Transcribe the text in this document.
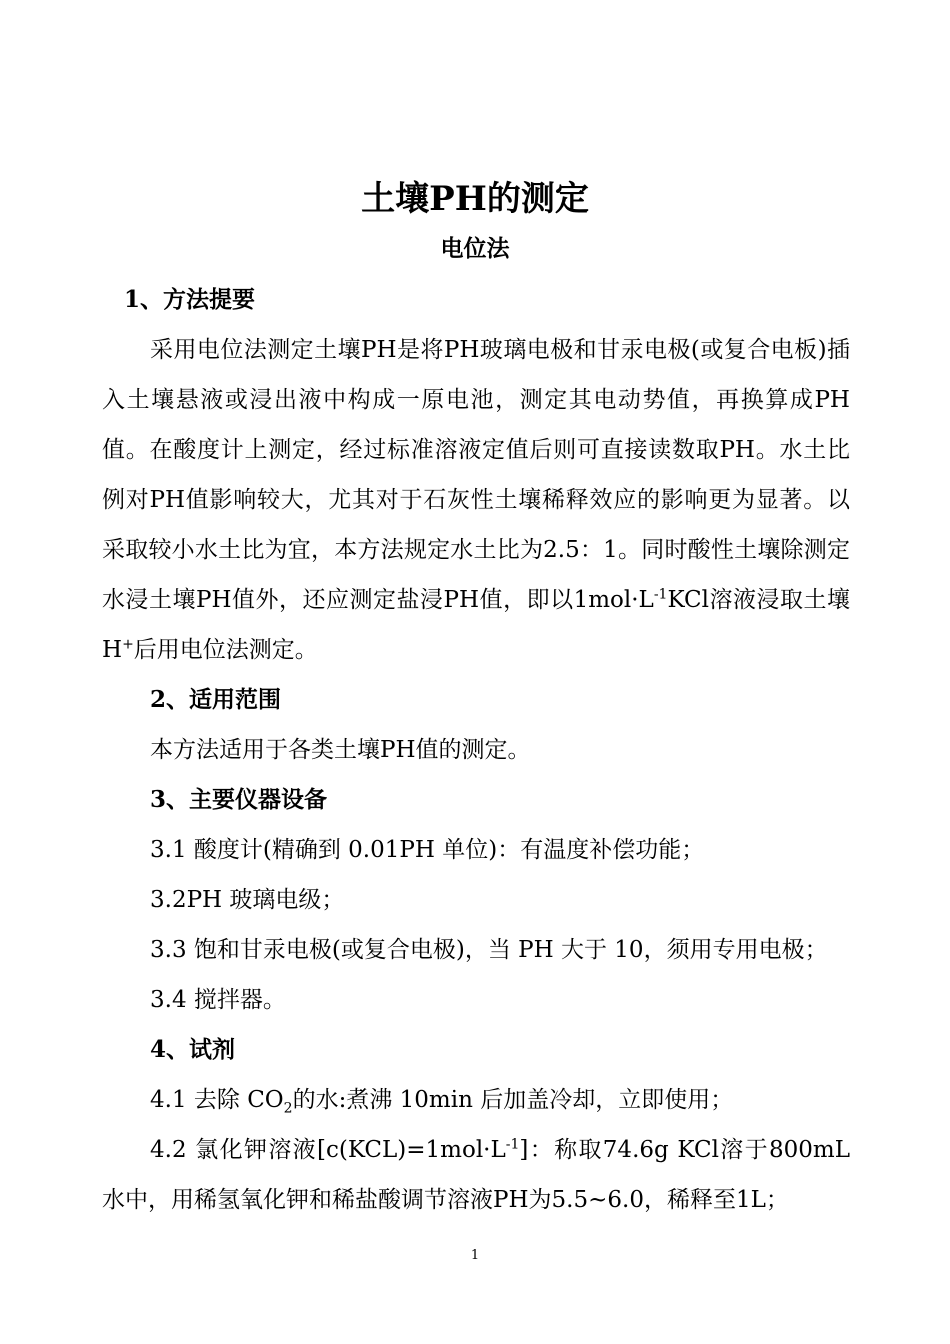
土壤PH的测定
电位法

1、方法提要

采用电位法测定土壤PH是将PH玻璃电极和甘汞电极(或复合电板)插入土壤悬液或浸出液中构成一原电池，测定其电动势值，再换算成PH值。在酸度计上测定，经过标准溶液定值后则可直接读数取PH。水土比例对PH值影响较大，尤其对于石灰性土壤稀释效应的影响更为显著。以采取较小水土比为宜，本方法规定水土比为2.5：1。同时酸性土壤除测定水浸土壤PH值外，还应测定盐浸PH值，即以$1mol\cdot L^{-1}KCl$溶液浸取土壤H+后用电位法测定。

2、适用范围

本方法适用于各类土壤PH值的测定。

3、主要仪器设备

3.1 酸度计(精确到 0.01PH 单位)：有温度补偿功能；

3.2PH 玻璃电级；

3.3 饱和甘汞电极(或复合电极)，当 PH 大于 10，须用专用电极；

3.4 搅拌器。

4、试剂

4.1 去除 $CO_2$的水:煮沸 10min 后加盖冷却，立即使用；

4.2 氯化钾溶液$[c(KCL)=1mol\cdot L^{-1}]$：称取74.6g KCl溶于800mL水中，用稀氢氧化钾和稀盐酸调节溶液PH为5.5~6.0，稀释至1L；

1
